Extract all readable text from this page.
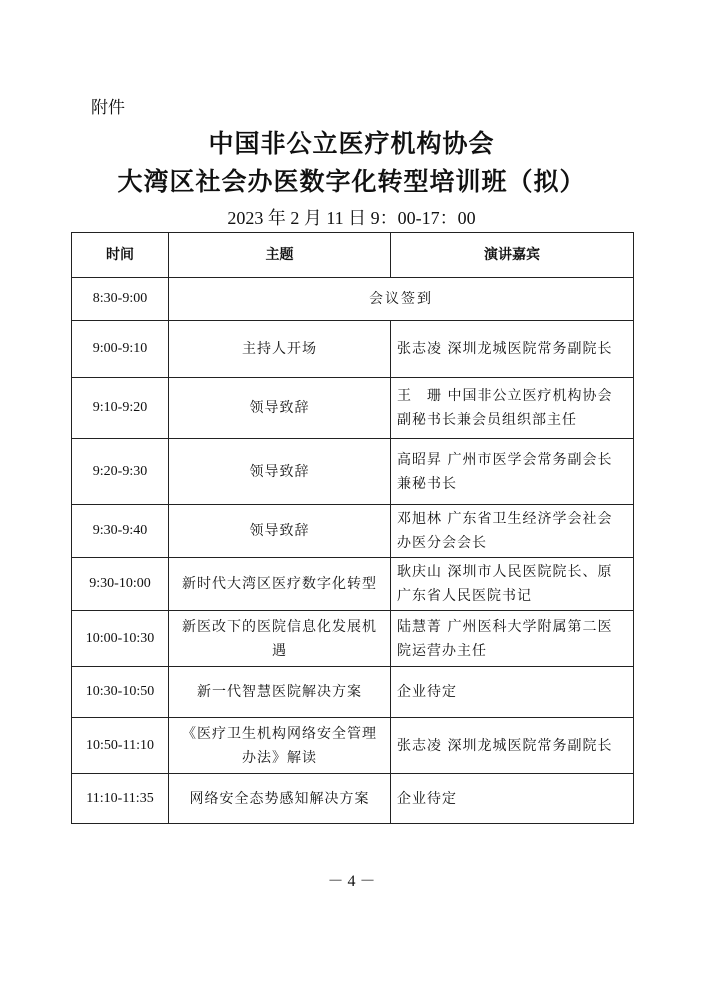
附件
中国非公立医疗机构协会
大湾区社会办医数字化转型培训班（拟）
2023 年 2 月 11 日 9：00-17：00
时间	主题	演讲嘉宾
8:30-9:00	会议签到	
9:00-9:10	主持人开场	张志凌 深圳龙城医院常务副院长
9:10-9:20	领导致辞	王　珊 中国非公立医疗机构协会副秘书长兼会员组织部主任
9:20-9:30	领导致辞	高昭昇 广州市医学会常务副会长兼秘书长
9:30-9:40	领导致辞	邓旭林 广东省卫生经济学会社会办医分会会长
9:30-10:00	新时代大湾区医疗数字化转型	耿庆山 深圳市人民医院院长、原广东省人民医院书记
10:00-10:30	新医改下的医院信息化发展机遇	陆慧菁 广州医科大学附属第二医院运营办主任
10:30-10:50	新一代智慧医院解决方案	企业待定
10:50-11:10	《医疗卫生机构网络安全管理办法》解读	张志凌 深圳龙城医院常务副院长
11:10-11:35	网络安全态势感知解决方案	企业待定
－ 4 －
